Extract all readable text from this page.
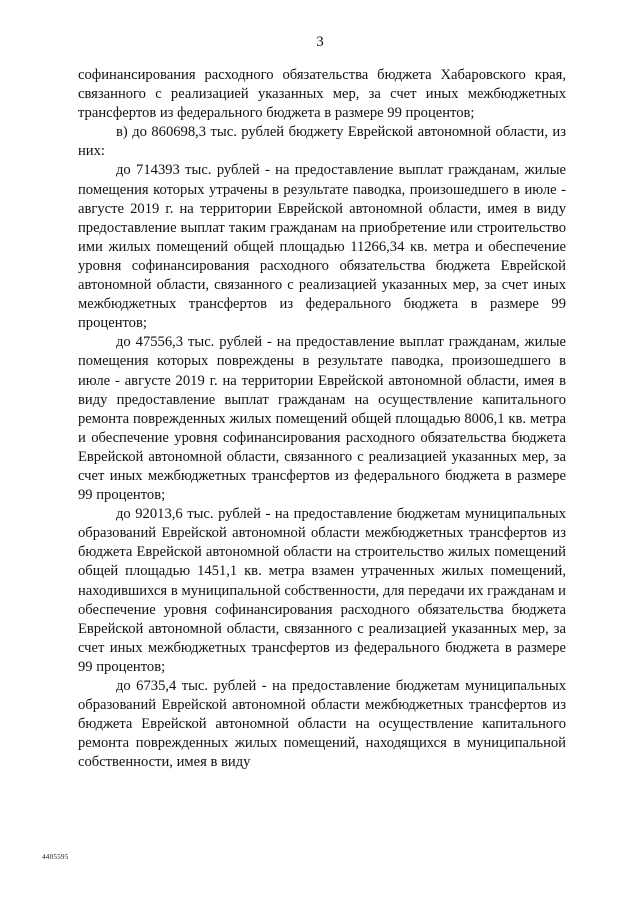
3

софинансирования расходного обязательства бюджета Хабаровского края, связанного с реализацией указанных мер, за счет иных межбюджетных трансфертов из федерального бюджета в размере 99 процентов;

в) до 860698,3 тыс. рублей бюджету Еврейской автономной области, из них:

до 714393 тыс. рублей - на предоставление выплат гражданам, жилые помещения которых утрачены в результате паводка, произошедшего в июле - августе 2019 г. на территории Еврейской автономной области, имея в виду предоставление выплат таким гражданам на приобретение или строительство ими жилых помещений общей площадью 11266,34 кв. метра и обеспечение уровня софинансирования расходного обязательства бюджета Еврейской автономной области, связанного с реализацией указанных мер, за счет иных межбюджетных трансфертов из федерального бюджета в размере 99 процентов;

до 47556,3 тыс. рублей - на предоставление выплат гражданам, жилые помещения которых повреждены в результате паводка, произошедшего в июле - августе 2019 г. на территории Еврейской автономной области, имея в виду предоставление выплат гражданам на осуществление капитального ремонта поврежденных жилых помещений общей площадью 8006,1 кв. метра и обеспечение уровня софинансирования расходного обязательства бюджета Еврейской автономной области, связанного с реализацией указанных мер, за счет иных межбюджетных трансфертов из федерального бюджета в размере 99 процентов;

до 92013,6 тыс. рублей - на предоставление бюджетам муниципальных образований Еврейской автономной области межбюджетных трансфертов из бюджета Еврейской автономной области на строительство жилых помещений общей площадью 1451,1 кв. метра взамен утраченных жилых помещений, находившихся в муниципальной собственности, для передачи их гражданам и обеспечение уровня софинансирования расходного обязательства бюджета Еврейской автономной области, связанного с реализацией указанных мер, за счет иных межбюджетных трансфертов из федерального бюджета в размере 99 процентов;

до 6735,4 тыс. рублей - на предоставление бюджетам муниципальных образований Еврейской автономной области межбюджетных трансфертов из бюджета Еврейской автономной области на осуществление капитального ремонта поврежденных жилых помещений, находящихся в муниципальной собственности, имея в виду

4405595
